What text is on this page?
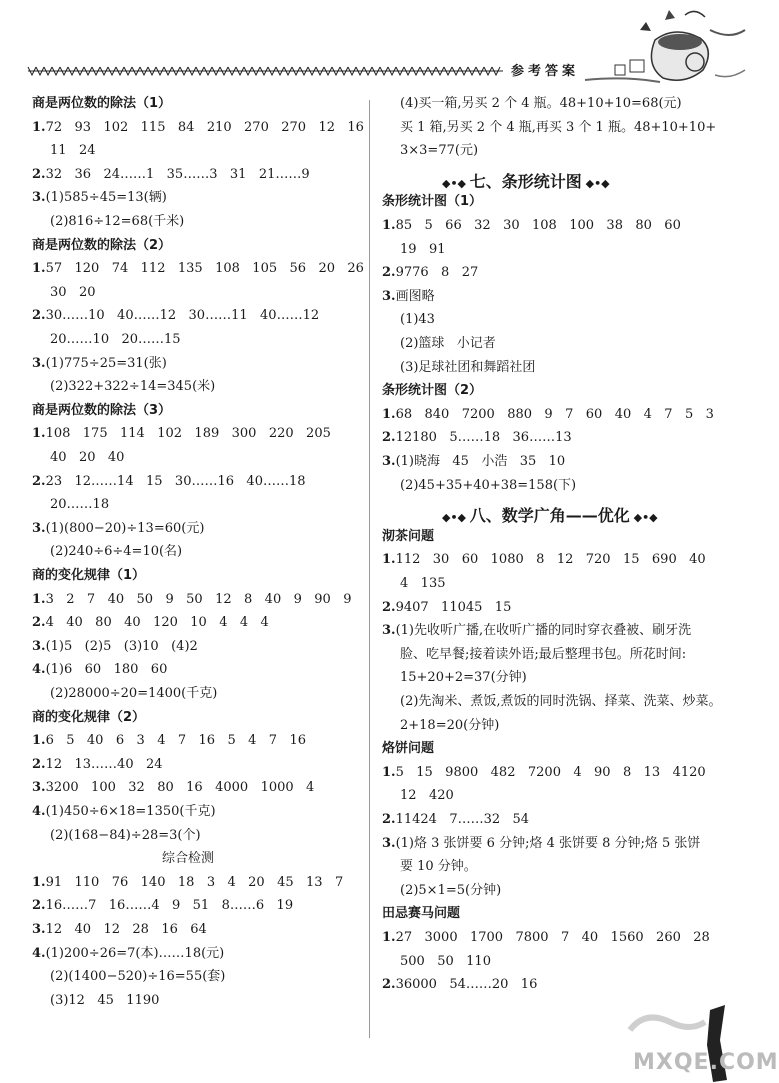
参考答案
商是两位数的除法（1）
1.72   93   102   115   84   210   270   270   12   16
11   24
2.32   36   24……1   35……3   31   21……9
3.(1)585÷45=13(辆)
(2)816÷12=68(千米)
商是两位数的除法（2）
1.57   120   74   112   135   108   105   56   20   26
30   20
2.30……10   40……12   30……11   40……12
20……10   20……15
3.(1)775÷25=31(张)
(2)322+322÷14=345(米)
商是两位数的除法（3）
1.108   175   114   102   189   300   220   205
40   20   40
2.23   12……14   15   30……16   40……18
20……18
3.(1)(800−20)÷13=60(元)
(2)240÷6÷4=10(名)
商的变化规律（1）
1.3   2   7   40   50   9   50   12   8   40   9   90   9
2.4   40   80   40   120   10   4   4   4
3.(1)5   (2)5   (3)10   (4)2
4.(1)6   60   180   60
(2)28000÷20=1400(千克)
商的变化规律（2）
1.6   5   40   6   3   4   7   16   5   4   7   16
2.12   13……40   24
3.3200   100   32   80   16   4000   1000   4
4.(1)450÷6×18=1350(千克)
(2)(168−84)÷28=3(个)
综合检测
1.91   110   76   140   18   3   4   20   45   13   7
2.16……7   16……4   9   51   8……6   19
3.12   40   12   28   16   64
4.(1)200÷26=7(本)……18(元)
(2)(1400−520)÷16=55(套)
(3)12   45   1190
(4)买一箱,另买 2 个 4 瓶。48+10+10=68(元)
买 1 箱,另买 2 个 4 瓶,再买 3 个 1 瓶。48+10+10+
3×3=77(元)
◆•◆ 七、条形统计图 ◆•◆
条形统计图（1）
1.85   5   66   32   30   108   100   38   80   60
19   91
2.9776   8   27
3.画图略
(1)43
(2)篮球   小记者
(3)足球社团和舞蹈社团
条形统计图（2）
1.68   840   7200   880   9   7   60   40   4   7   5   3
2.12180   5……18   36……13
3.(1)晓海   45   小浩   35   10
(2)45+35+40+38=158(下)
◆•◆ 八、数学广角——优化 ◆•◆
沏茶问题
1.112   30   60   1080   8   12   720   15   690   40
4   135
2.9407   11045   15
3.(1)先收听广播,在收听广播的同时穿衣叠被、刷牙洗
脸、吃早餐;接着读外语;最后整理书包。所花时间:
15+20+2=37(分钟)
(2)先淘米、煮饭,煮饭的同时洗锅、择菜、洗菜、炒菜。
2+18=20(分钟)
烙饼问题
1.5   15   9800   482   7200   4   90   8   13   4120
12   420
2.11424   7……32   54
3.(1)烙 3 张饼要 6 分钟;烙 4 张饼要 8 分钟;烙 5 张饼
要 10 分钟。
(2)5×1=5(分钟)
田忌赛马问题
1.27   3000   1700   7800   7   40   1560   260   28
500   50   110
2.36000   54……20   16
MXQE.COM
